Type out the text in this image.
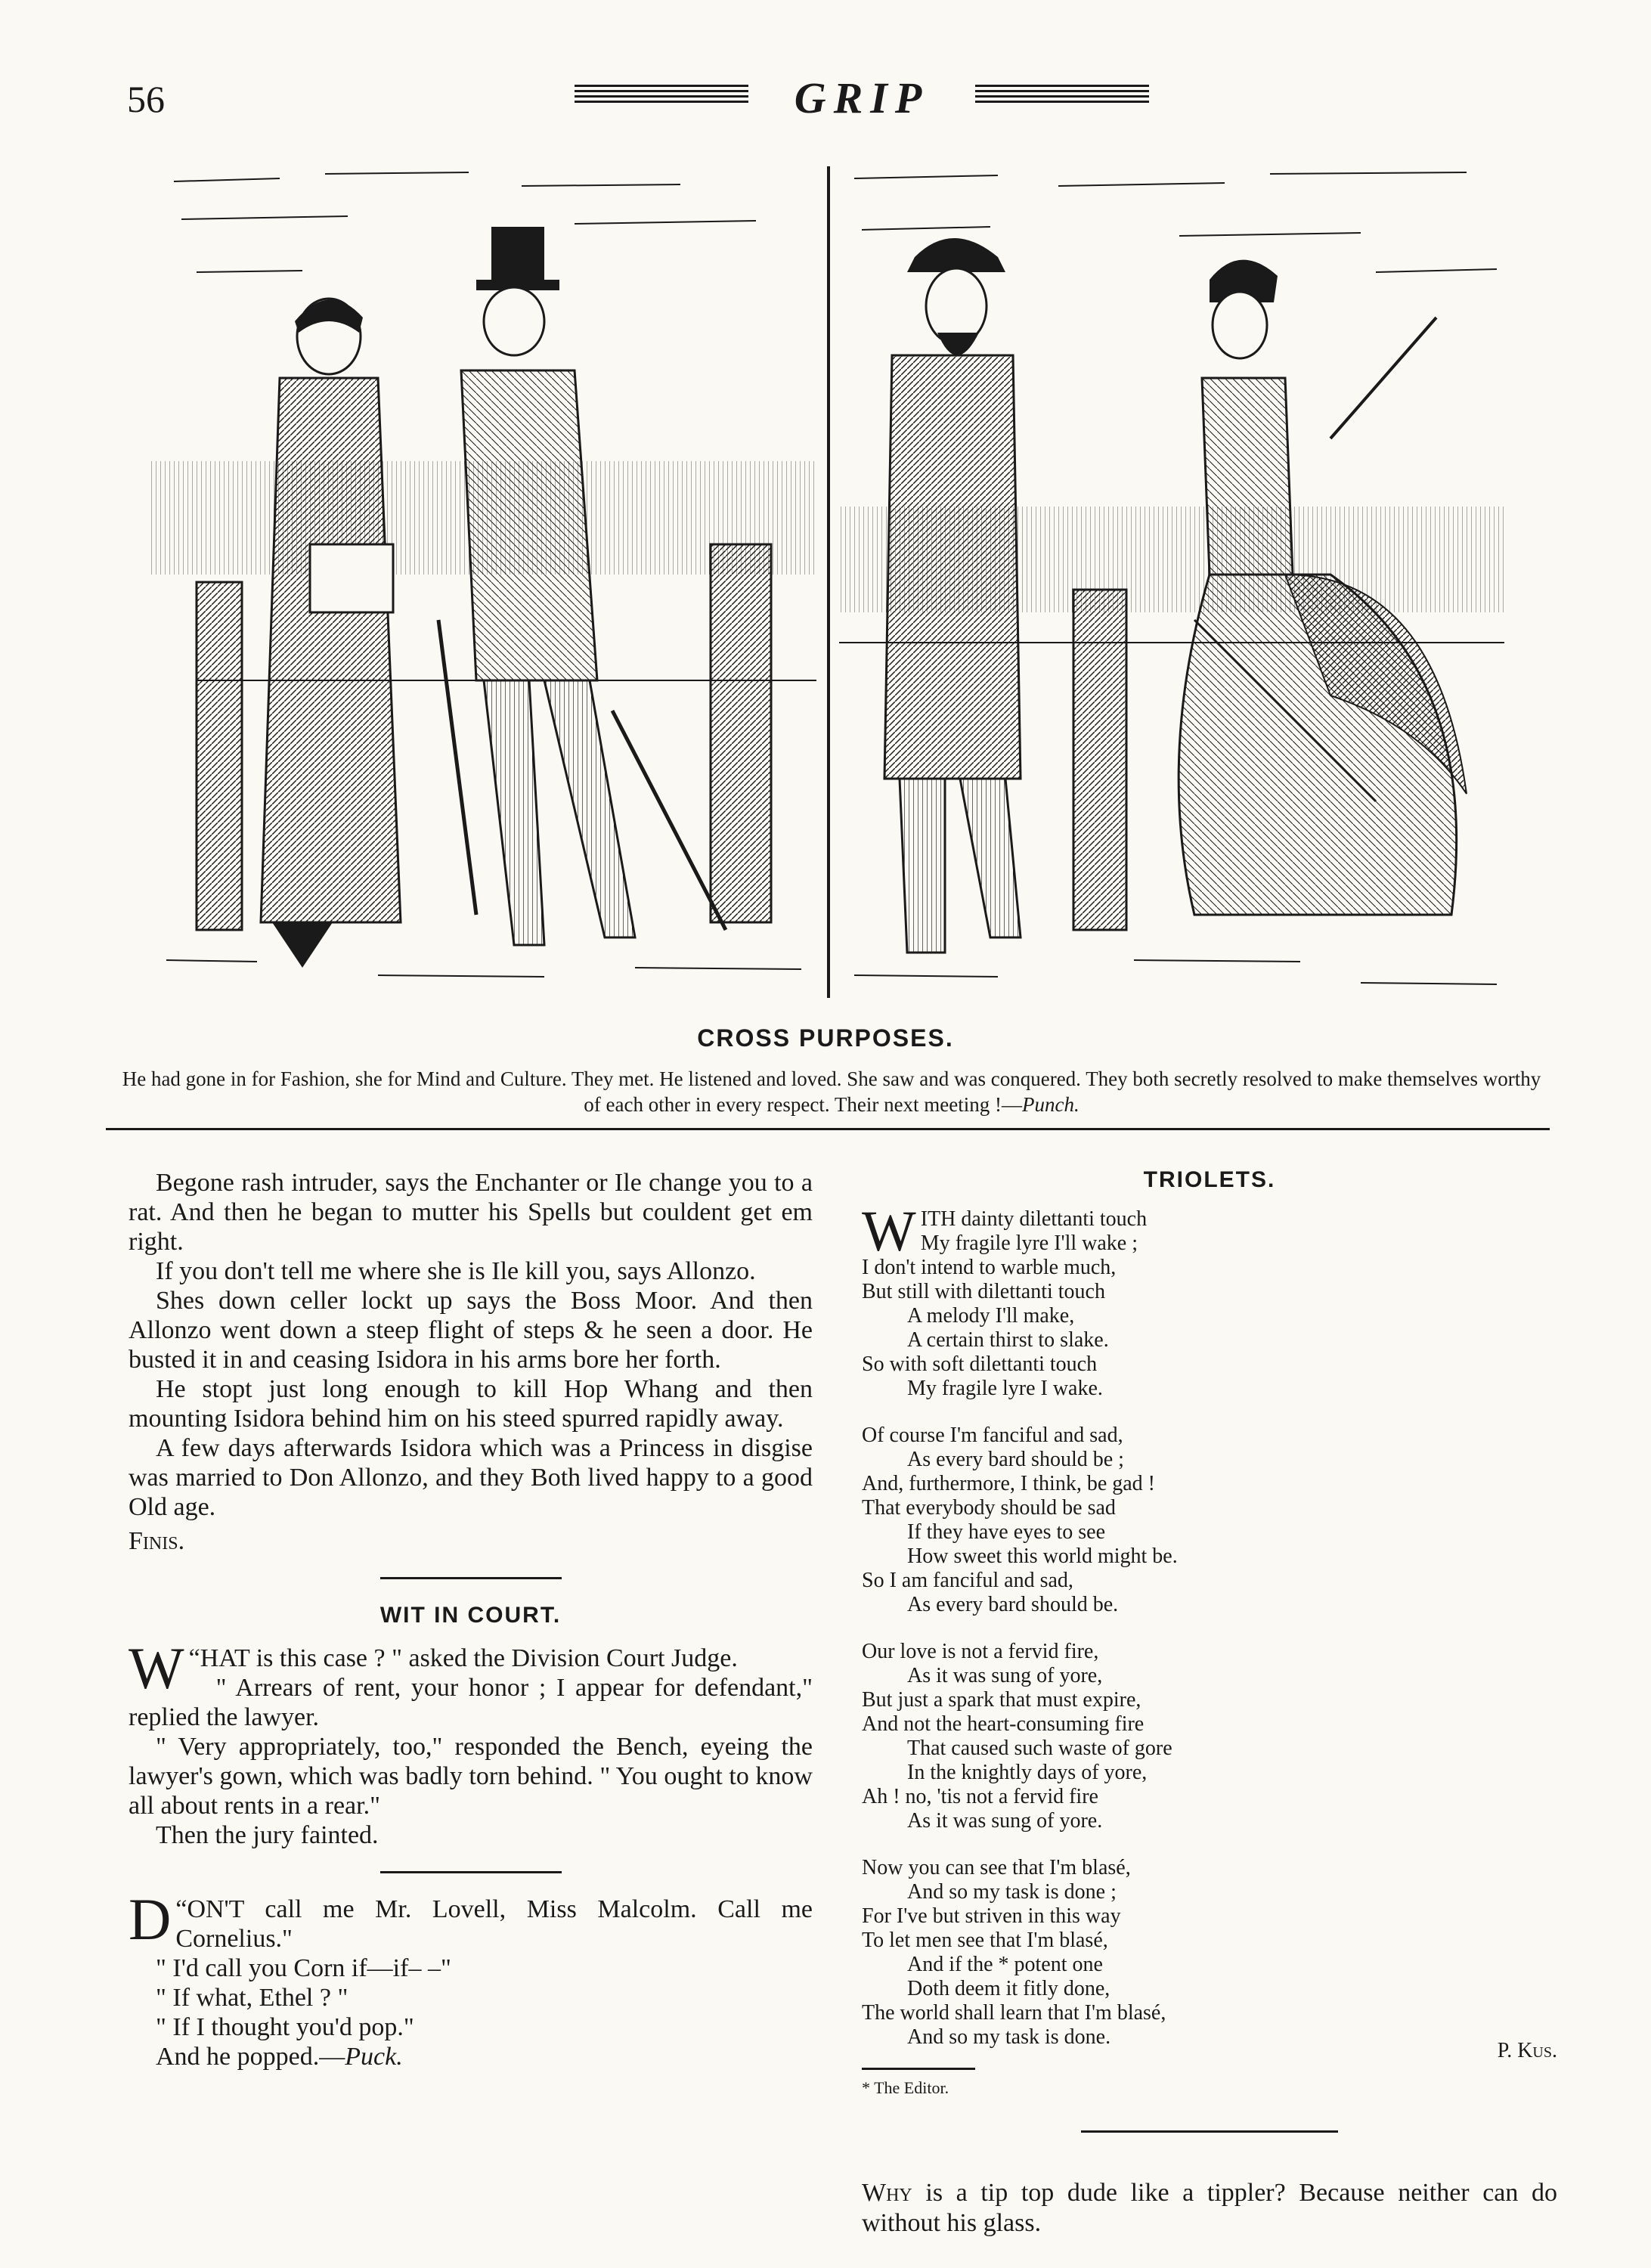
56	GRIP
CROSS PURPOSES.
He had gone in for Fashion, she for Mind and Culture. They met. He listened and loved. She saw and was conquered. They both secretly resolved to make themselves worthy of each other in every respect. Their next meeting !—Punch.

Begone rash intruder, says the Enchanter or Ile change you to a rat. And then he began to mutter his Spells but couldent get em right.

If you don't tell me where she is Ile kill you, says Allonzo.

Shes down celler lockt up says the Boss Moor. And then Allonzo went down a steep flight of steps & he seen a door. He busted it in and ceasing Isidora in his arms bore her forth.

He stopt just long enough to kill Hop Whang and then mounting Isidora behind him on his steed spurred rapidly away.

A few days afterwards Isidora which was a Princess in disgise was married to Don Allonzo, and they Both lived happy to a good Old age.

Finis.

WIT IN COURT.

“
W HAT is this case ? " asked the Division Court Judge.

" Arrears of rent, your honor ; I appear for defendant," replied the lawyer.

" Very appropriately, too," responded the Bench, eyeing the lawyer's gown, which was badly torn behind. " You ought to know all about rents in a rear."

Then the jury fainted.

“
D ON'T call me Mr. Lovell, Miss Malcolm. Call me Cornelius."

" I'd call you Corn if—if– –"

" If what, Ethel ? "

" If I thought you'd pop."

And he popped.—Puck.

TRIOLETS.
W ITH dainty dilettanti touch
My fragile lyre I'll wake ;
I don't intend to warble much,
But still with dilettanti touch
A melody I'll make,
A certain thirst to slake.
So with soft dilettanti touch
My fragile lyre I wake.
Of course I'm fanciful and sad,
As every bard should be ;
And, furthermore, I think, be gad !
That everybody should be sad
If they have eyes to see
How sweet this world might be.
So I am fanciful and sad,
As every bard should be.
Our love is not a fervid fire,
As it was sung of yore,
But just a spark that must expire,
And not the heart-consuming fire
That caused such waste of gore
In the knightly days of yore,
Ah ! no, 'tis not a fervid fire
As it was sung of yore.
Now you can see that I'm blasé,
And so my task is done ;
For I've but striven in this way
To let men see that I'm blasé,
And if the * potent one
Doth deem it fitly done,
The world shall learn that I'm blasé,
And so my task is done.
P. Kus.
* The Editor.

Why is a tip top dude like a tippler? Because neither can do without his glass.
